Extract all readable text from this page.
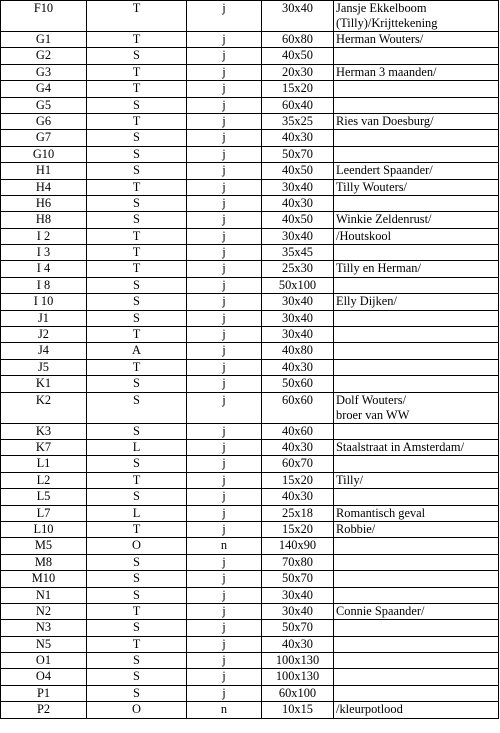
F10	T	j	30x40	Jansje Ekkelboom
(Tilly)/Krijttekening

G1	T	j	60x80	Herman Wouters/
G2	S	j	40x50	
G3	T	j	20x30	Herman 3 maanden/
G4	T	j	15x20	
G5	S	j	60x40	
G6	T	j	35x25	Ries van Doesburg/
G7	S	j	40x30	
G10	S	j	50x70	
H1	S	j	40x50	Leendert Spaander/
H4	T	j	30x40	Tilly Wouters/
H6	S	j	40x30	
H8	S	j	40x50	Winkie Zeldenrust/
I 2	T	j	30x40	/Houtskool
I 3	T	j	35x45	
I 4	T	j	25x30	Tilly en Herman/
I 8	S	j	50x100	
I 10	S	j	30x40	Elly Dijken/
J1	S	j	30x40	
J2	T	j	30x40	
J4	A	j	40x80	
J5	T	j	40x30	
K1	S	j	50x60	
K2	S	j	60x60	Dolf Wouters/
broer van WW

K3	S	j	40x60	
K7	L	j	40x30	Staalstraat in Amsterdam/
L1	S	j	60x70	
L2	T	j	15x20	Tilly/
L5	S	j	40x30	
L7	L	j	25x18	Romantisch geval
L10	T	j	15x20	Robbie/
M5	O	n	140x90	
M8	S	j	70x80	
M10	S	j	50x70	
N1	S	j	30x40	
N2	T	j	30x40	Connie Spaander/
N3	S	j	50x70	
N5	T	j	40x30	
O1	S	j	100x130	
O4	S	j	100x130	
P1	S	j	60x100	
P2	O	n	10x15	/kleurpotlood
